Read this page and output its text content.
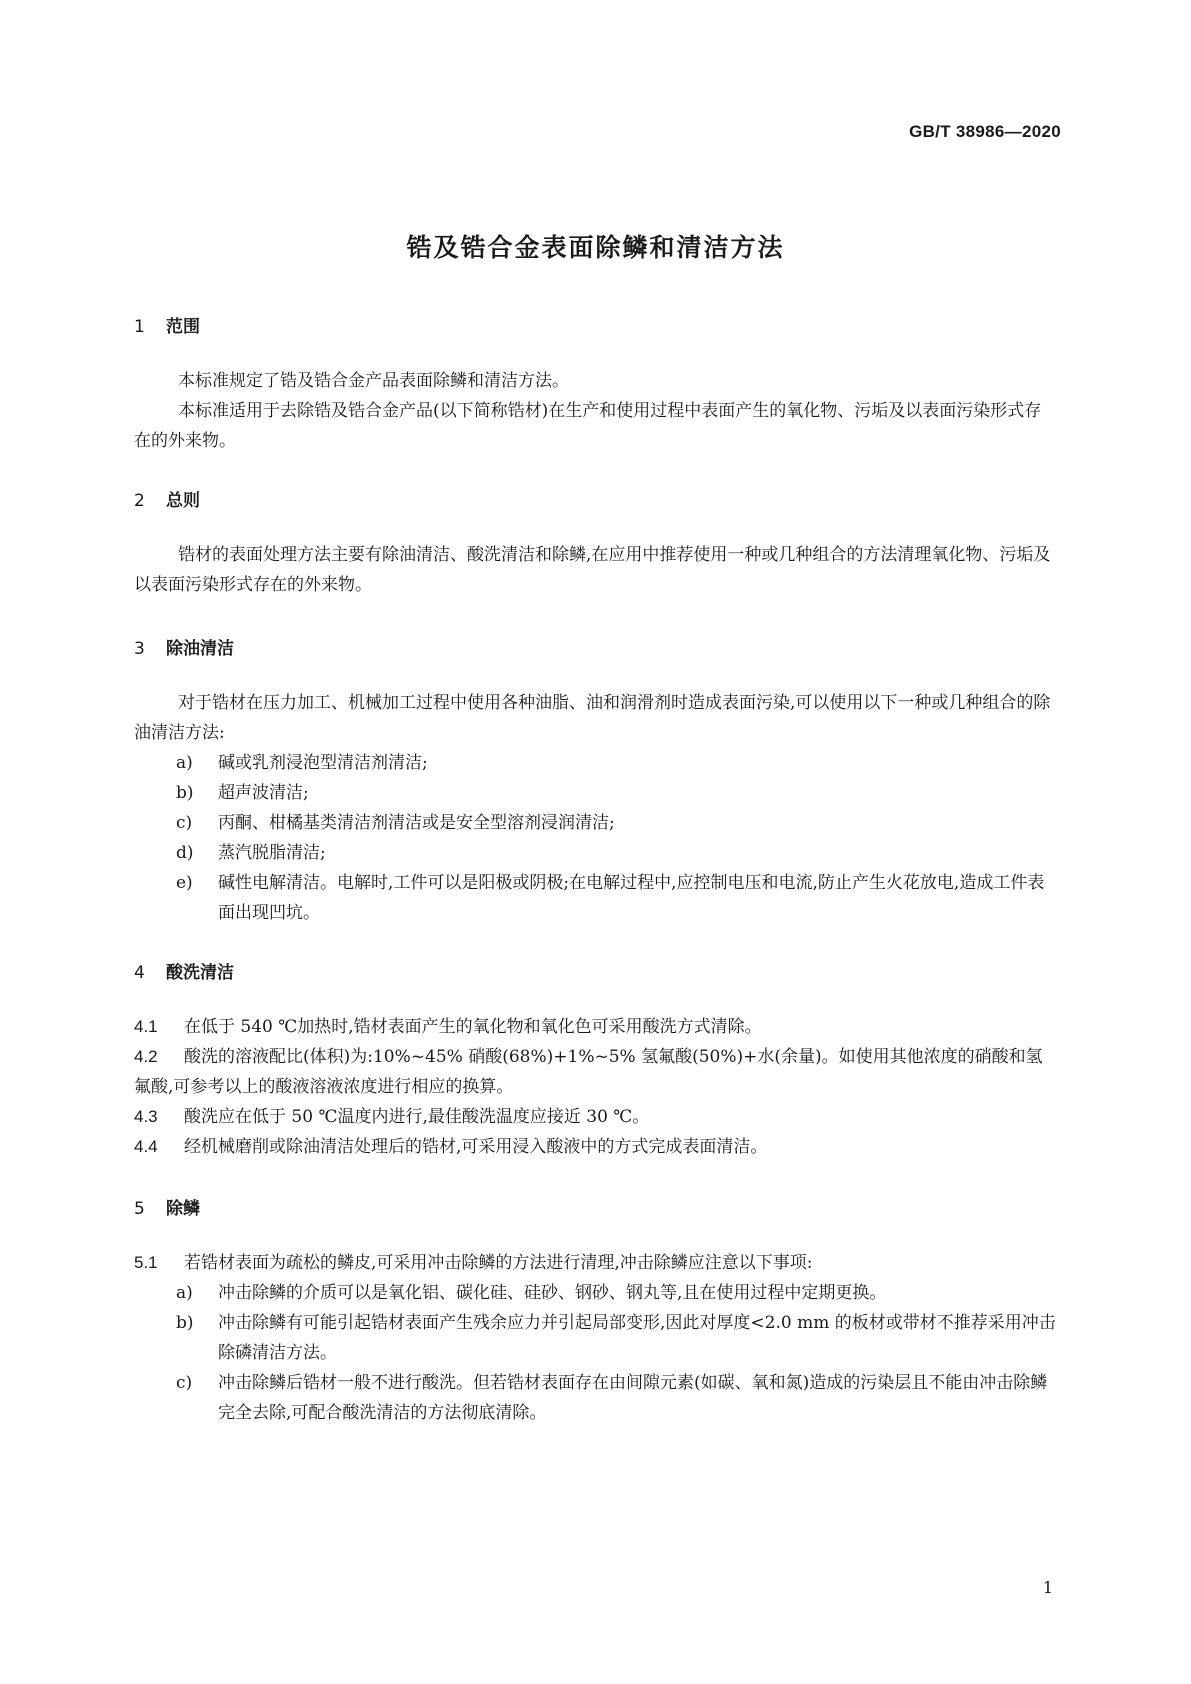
GB/T 38986—2020
锆及锆合金表面除鳞和清洁方法
1 范围
本标准规定了锆及锆合金产品表面除鳞和清洁方法。
本标准适用于去除锆及锆合金产品(以下简称锆材)在生产和使用过程中表面产生的氧化物、污垢及以表面污染形式存在的外来物。
2 总则
锆材的表面处理方法主要有除油清洁、酸洗清洁和除鳞,在应用中推荐使用一种或几种组合的方法清理氧化物、污垢及以表面污染形式存在的外来物。
3 除油清洁
对于锆材在压力加工、机械加工过程中使用各种油脂、油和润滑剂时造成表面污染,可以使用以下一种或几种组合的除油清洁方法:
a)	碱或乳剂浸泡型清洁剂清洁;
b)	超声波清洁;
c)	丙酮、柑橘基类清洁剂清洁或是安全型溶剂浸润清洁;
d)	蒸汽脱脂清洁;
e)	碱性电解清洁。电解时,工件可以是阳极或阴极;在电解过程中,应控制电压和电流,防止产生火花放电,造成工件表面出现凹坑。
4 酸洗清洁
4.1 在低于 540 ℃加热时,锆材表面产生的氧化物和氧化色可采用酸洗方式清除。
4.2 酸洗的溶液配比(体积)为:10%~45% 硝酸(68%)+1%~5% 氢氟酸(50%)+水(余量)。如使用其他浓度的硝酸和氢氟酸,可参考以上的酸液溶液浓度进行相应的换算。
4.3 酸洗应在低于 50 ℃温度内进行,最佳酸洗温度应接近 30 ℃。
4.4 经机械磨削或除油清洁处理后的锆材,可采用浸入酸液中的方式完成表面清洁。
5 除鳞
5.1 若锆材表面为疏松的鳞皮,可采用冲击除鳞的方法进行清理,冲击除鳞应注意以下事项:
a)	冲击除鳞的介质可以是氧化铝、碳化硅、硅砂、钢砂、钢丸等,且在使用过程中定期更换。
b)	冲击除鳞有可能引起锆材表面产生残余应力并引起局部变形,因此对厚度<2.0 mm 的板材或带材不推荐采用冲击除磷清洁方法。
c)	冲击除鳞后锆材一般不进行酸洗。但若锆材表面存在由间隙元素(如碳、氧和氮)造成的污染层且不能由冲击除鳞完全去除,可配合酸洗清洁的方法彻底清除。
1
